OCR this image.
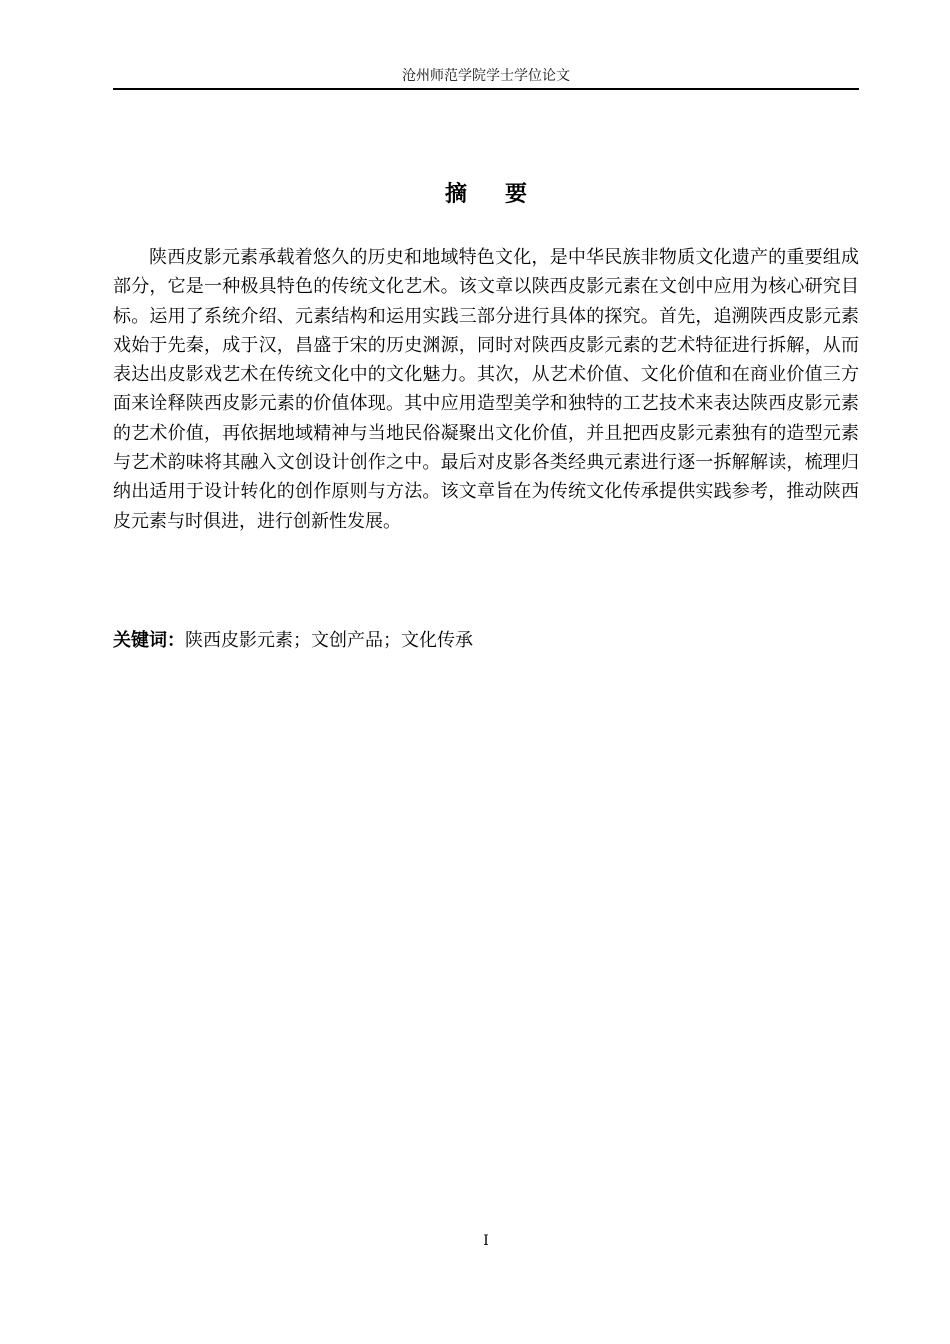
沧州师范学院学士学位论文
摘要

陕西皮影元素承载着悠久的历史和地域特色文化，是中华民族非物质文化遗产的重要组成部分，它是一种极具特色的传统文化艺术。该文章以陕西皮影元素在文创中应用为核心研究目标。运用了系统介绍、元素结构和运用实践三部分进行具体的探究。首先，追溯陕西皮影元素戏始于先秦，成于汉，昌盛于宋的历史渊源，同时对陕西皮影元素的艺术特征进行拆解，从而表达出皮影戏艺术在传统文化中的文化魅力。其次，从艺术价值、文化价值和在商业价值三方面来诠释陕西皮影元素的价值体现。其中应用造型美学和独特的工艺技术来表达陕西皮影元素的艺术价值，再依据地域精神与当地民俗凝聚出文化价值，并且把西皮影元素独有的造型元素与艺术韵味将其融入文创设计创作之中。最后对皮影各类经典元素进行逐一拆解解读，梳理归纳出适用于设计转化的创作原则与方法。该文章旨在为传统文化传承提供实践参考，推动陕西皮元素与时俱进，进行创新性发展。

关键词：陕西皮影元素；文创产品；文化传承
I
